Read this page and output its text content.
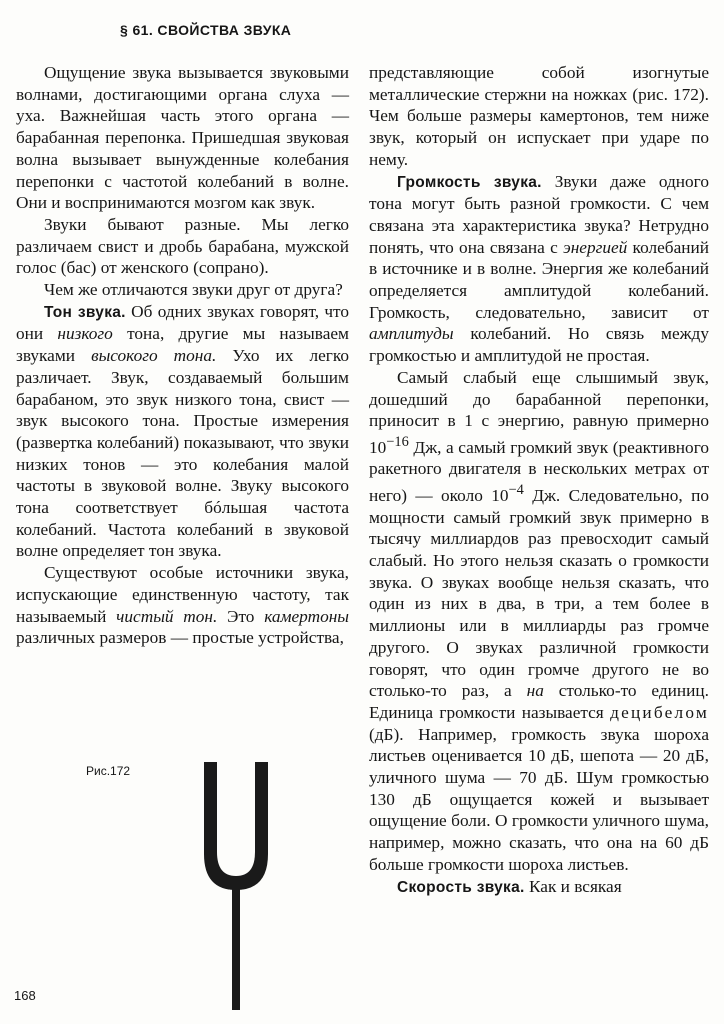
§ 61. СВОЙСТВА ЗВУКА

Ощущение звука вызывается звуковыми волнами, достигающими органа слуха — уха. Важнейшая часть этого органа — барабанная перепонка. Пришедшая звуковая волна вызывает вынужденные колебания перепонки с частотой колебаний в волне. Они и воспринимаются мозгом как звук.

Звуки бывают разные. Мы легко различаем свист и дробь барабана, мужской голос (бас) от женского (сопрано).

Чем же отличаются звуки друг от друга?

Тон звука. Об одних звуках говорят, что они низкого тона, другие мы называем звуками высокого тона. Ухо их легко различает. Звук, создаваемый большим барабаном, это звук низкого тона, свист — звук высокого тона. Простые измерения (развертка колебаний) показывают, что звуки низких тонов — это колебания малой частоты в звуковой волне. Звуку высокого тона соответствует бóльшая частота колебаний. Частота колебаний в звуковой волне определяет тон звука.

Существуют особые источники звука, испускающие единственную частоту, так называемый чистый тон. Это камертоны различных размеров — простые устройства,

Рис.172

представляющие собой изогнутые металлические стержни на ножках (рис. 172). Чем больше размеры камертонов, тем ниже звук, который он испускает при ударе по нему.

Громкость звука. Звуки даже одного тона могут быть разной громкости. С чем связана эта характеристика звука? Нетрудно понять, что она связана с энергией колебаний в источнике и в волне. Энергия же колебаний определяется амплитудой колебаний. Громкость, следовательно, зависит от амплитуды колебаний. Но связь между громкостью и амплитудой не простая.

Самый слабый еще слышимый звук, дошедший до барабанной перепонки, приносит в 1 с энергию, равную примерно $10^{-16}$ Дж, а самый громкий звук (реактивного ракетного двигателя в нескольких метрах от него) — около $10^{-4}$ Дж. Следовательно, по мощности самый громкий звук примерно в тысячу миллиардов раз превосходит самый слабый. Но этого нельзя сказать о громкости звука. О звуках вообще нельзя сказать, что один из них в два, в три, а тем более в миллионы или в миллиарды раз громче другого. О звуках различной громкости говорят, что один громче другого не во столько-то раз, а на столько-то единиц. Единица громкости называется децибелом (дБ). Например, громкость звука шороха листьев оценивается 10 дБ, шепота — 20 дБ, уличного шума — 70 дБ. Шум громкостью 130 дБ ощущается кожей и вызывает ощущение боли. О громкости уличного шума, например, можно сказать, что она на 60 дБ больше громкости шороха листьев.

Скорость звука. Как и всякая

168
